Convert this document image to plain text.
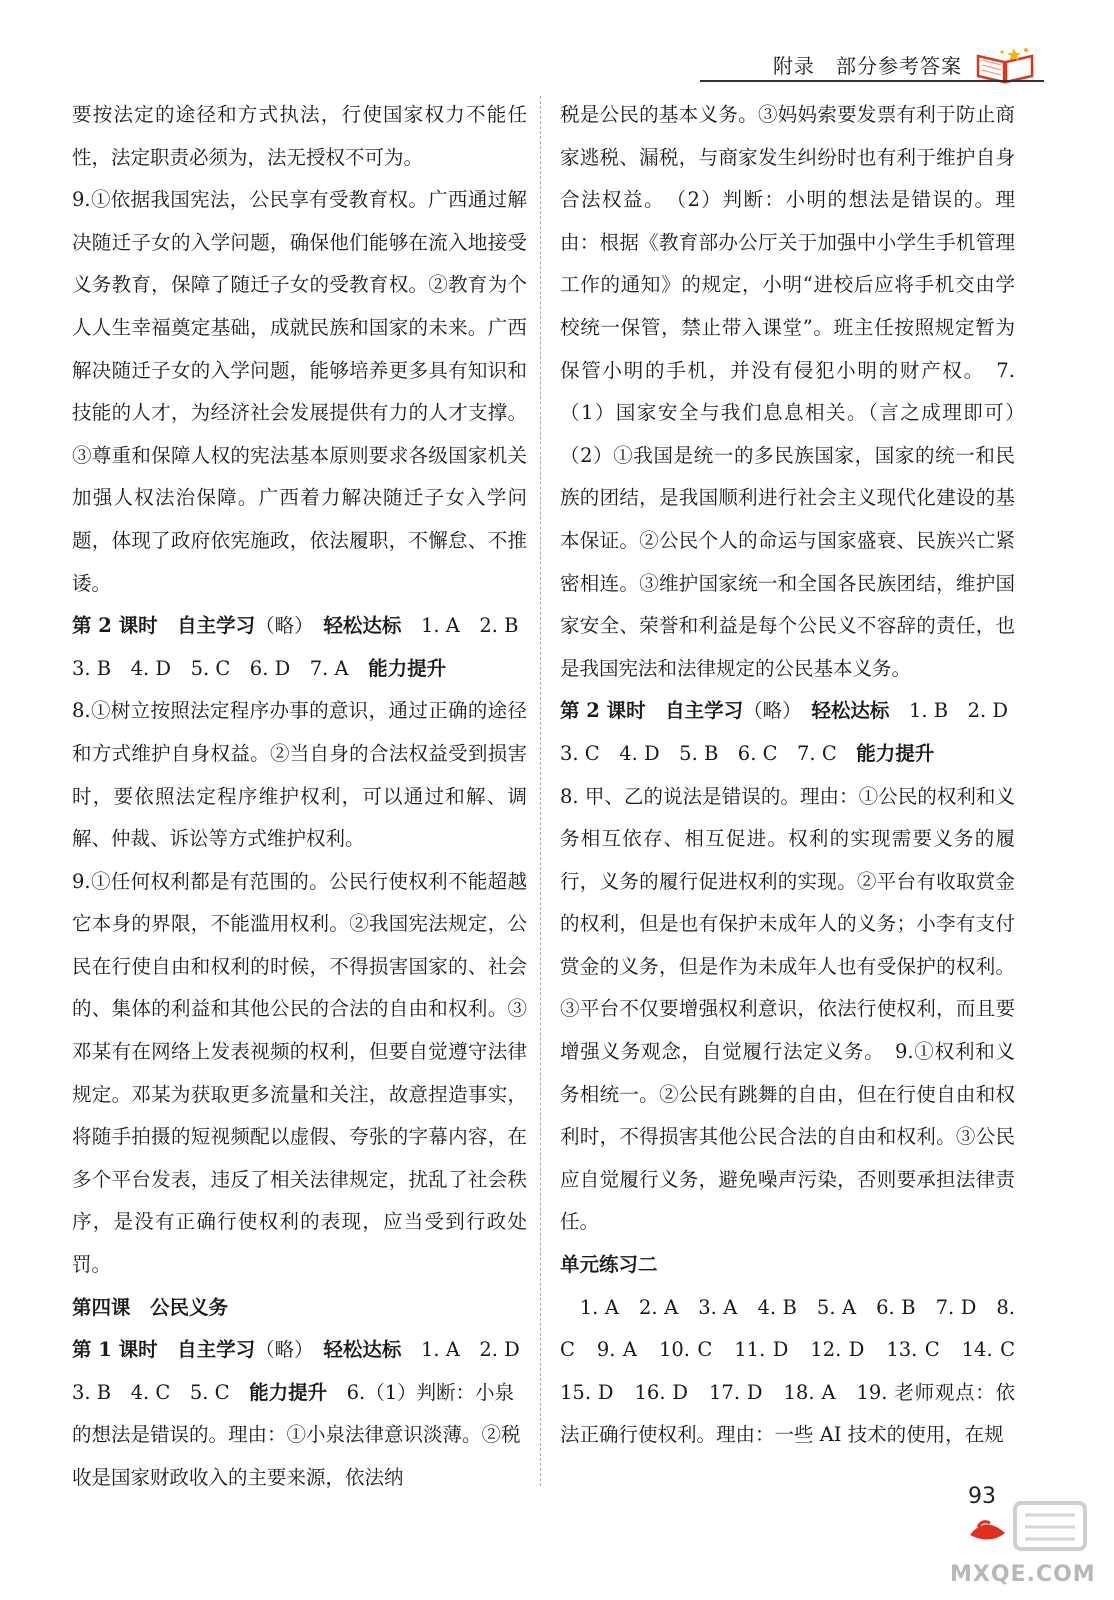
附录　部分参考答案

要按法定的途径和方式执法，行使国家权力不能任性，法定职责必须为，法无授权不可为。

9.①依据我国宪法，公民享有受教育权。广西通过解决随迁子女的入学问题，确保他们能够在流入地接受义务教育，保障了随迁子女的受教育权。②教育为个人人生幸福奠定基础，成就民族和国家的未来。广西解决随迁子女的入学问题，能够培养更多具有知识和技能的人才，为经济社会发展提供有力的人才支撑。③尊重和保障人权的宪法基本原则要求各级国家机关加强人权法治保障。广西着力解决随迁子女入学问题，体现了政府依宪施政，依法履职，不懈怠、不推诿。

第 2 课时　自主学习（略）　轻松达标　1. A　2. B　3. B　4. D　5. C　6. D　7. A　能力提升

8.①树立按照法定程序办事的意识，通过正确的途径和方式维护自身权益。②当自身的合法权益受到损害时，要依照法定程序维护权利，可以通过和解、调解、仲裁、诉讼等方式维护权利。

9.①任何权利都是有范围的。公民行使权利不能超越它本身的界限，不能滥用权利。②我国宪法规定，公民在行使自由和权利的时候，不得损害国家的、社会的、集体的利益和其他公民的合法的自由和权利。③邓某有在网络上发表视频的权利，但要自觉遵守法律规定。邓某为获取更多流量和关注，故意捏造事实，将随手拍摄的短视频配以虚假、夸张的字幕内容，在多个平台发表，违反了相关法律规定，扰乱了社会秩序，是没有正确行使权利的表现，应当受到行政处罚。

第四课　公民义务

第 1 课时　自主学习（略）　轻松达标　1. A　2. D　3. B　4. C　5. C　能力提升　6.（1）判断：小泉的想法是错误的。理由：①小泉法律意识淡薄。②税收是国家财政收入的主要来源，依法纳

税是公民的基本义务。③妈妈索要发票有利于防止商家逃税、漏税，与商家发生纠纷时也有利于维护自身合法权益。　（2）判断：小明的想法是错误的。理由：根据《教育部办公厅关于加强中小学生手机管理工作的通知》的规定，小明“进校后应将手机交由学校统一保管，禁止带入课堂”。班主任按照规定暂为保管小明的手机，并没有侵犯小明的财产权。　7.（1）国家安全与我们息息相关。（言之成理即可）　（2）①我国是统一的多民族国家，国家的统一和民族的团结，是我国顺利进行社会主义现代化建设的基本保证。②公民个人的命运与国家盛衰、民族兴亡紧密相连。③维护国家统一和全国各民族团结，维护国家安全、荣誉和利益是每个公民义不容辞的责任，也是我国宪法和法律规定的公民基本义务。

第 2 课时　自主学习（略）　轻松达标　1. B　2. D　3. C　4. D　5. B　6. C　7. C　能力提升

8. 甲、乙的说法是错误的。理由：①公民的权利和义务相互依存、相互促进。权利的实现需要义务的履行，义务的履行促进权利的实现。②平台有收取赏金的权利，但是也有保护未成年人的义务；小李有支付赏金的义务，但是作为未成年人也有受保护的权利。③平台不仅要增强权利意识，依法行使权利，而且要增强义务观念，自觉履行法定义务。　9.①权利和义务相统一。②公民有跳舞的自由，但在行使自由和权利时，不得损害其他公民合法的自由和权利。③公民应自觉履行义务，避免噪声污染，否则要承担法律责任。

单元练习二

　1. A　2. A　3. A　4. B　5. A　6. B　7. D　8. C　9. A　10. C　11. D　12. D　13. C　14. C　15. D　16. D　17. D　18. A　19. 老师观点：依法正确行使权利。理由：一些 AI 技术的使用，在规

93
MXQE.COM
